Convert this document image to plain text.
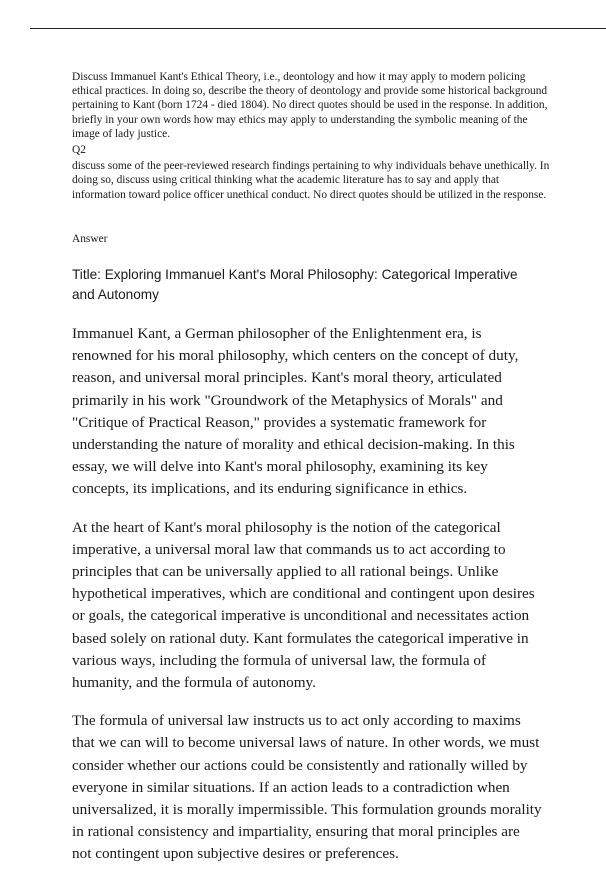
Discuss Immanuel Kant's Ethical Theory, i.e., deontology and how it may apply to modern policing ethical practices. In doing so, describe the theory of deontology and provide some historical background pertaining to Kant (born 1724 - died 1804). No direct quotes should be used in the response. In addition, briefly in your own words how may ethics may apply to understanding the symbolic meaning of the image of lady justice.

Q2

discuss some of the peer-reviewed research findings pertaining to why individuals behave unethically. In doing so, discuss using critical thinking what the academic literature has to say and apply that information toward police officer unethical conduct. No direct quotes should be utilized in the response.

Answer
Title: Exploring Immanuel Kant's Moral Philosophy: Categorical Imperative and Autonomy

Immanuel Kant, a German philosopher of the Enlightenment era, is renowned for his moral philosophy, which centers on the concept of duty, reason, and universal moral principles. Kant's moral theory, articulated primarily in his work "Groundwork of the Metaphysics of Morals" and "Critique of Practical Reason," provides a systematic framework for understanding the nature of morality and ethical decision-making. In this essay, we will delve into Kant's moral philosophy, examining its key concepts, its implications, and its enduring significance in ethics.

At the heart of Kant's moral philosophy is the notion of the categorical imperative, a universal moral law that commands us to act according to principles that can be universally applied to all rational beings. Unlike hypothetical imperatives, which are conditional and contingent upon desires or goals, the categorical imperative is unconditional and necessitates action based solely on rational duty. Kant formulates the categorical imperative in various ways, including the formula of universal law, the formula of humanity, and the formula of autonomy.

The formula of universal law instructs us to act only according to maxims that we can will to become universal laws of nature. In other words, we must consider whether our actions could be consistently and rationally willed by everyone in similar situations. If an action leads to a contradiction when universalized, it is morally impermissible. This formulation grounds morality in rational consistency and impartiality, ensuring that moral principles are not contingent upon subjective desires or preferences.
